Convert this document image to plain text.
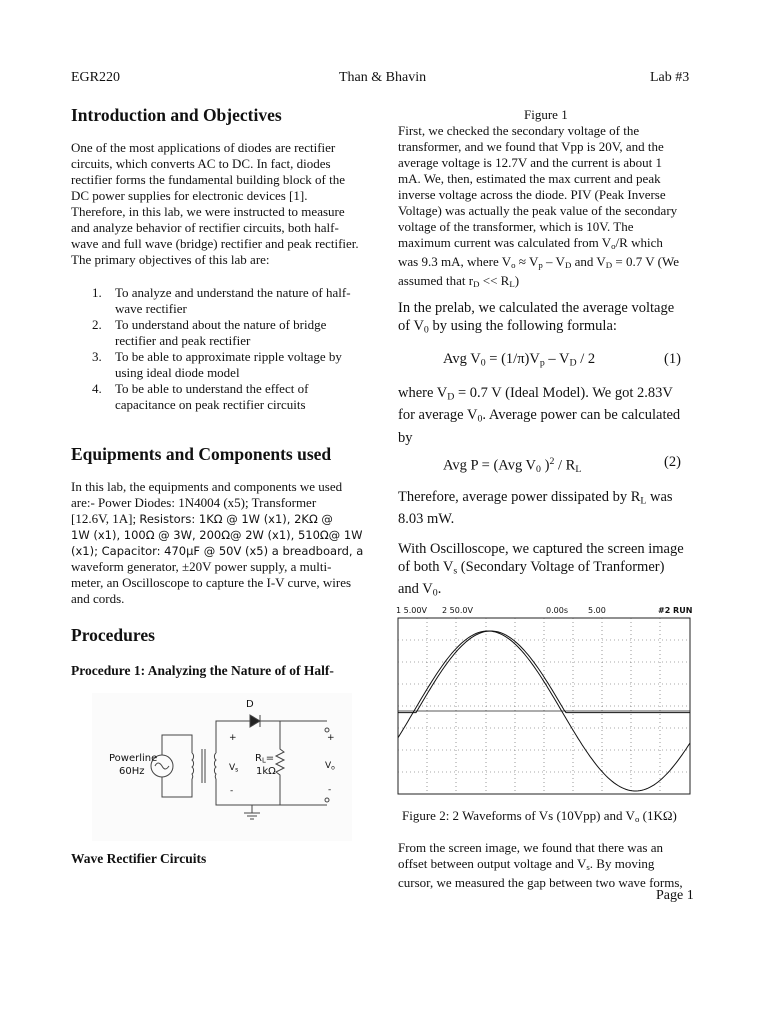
EGR220	Than & Bhavin	Lab #3
Introduction and Objectives
One of the most applications of diodes are rectifier
circuits, which converts AC to DC. In fact, diodes
rectifier forms the fundamental building block of the
DC power supplies for electronic devices [1].
Therefore, in this lab, we were instructed to measure
and analyze behavior of rectifier circuits, both half-
wave and full wave (bridge) rectifier and peak rectifier.
The primary objectives of this lab are:
1. To analyze and understand the nature of half-
wave rectifier
2. To understand about the nature of bridge
rectifier and peak rectifier
3. To be able to approximate ripple voltage by
using ideal diode model
4. To be able to understand the effect of
capacitance on peak rectifier circuits
Equipments and Components used
In this lab, the equipments and components we used
are:- Power Diodes: 1N4004 (x5); Transformer
[12.6V, 1A]; Resistors: 1KΩ @ 1W (x1), 2KΩ @
1W (x1), 100Ω @ 3W, 200Ω@ 2W (x1), 510Ω@ 1W
(x1); Capacitor: 470μF @ 50V (x5) a breadboard, a
waveform generator, ±20V power supply, a multi-
meter, an Oscilloscope to capture the I-V curve, wires
and cords.
Procedures
Procedure 1: Analyzing the Nature of of Half-
D
Powerline
60Hz
+
-
$V_s$
$R_L=$
1kΩ
+
-
$V_o$
Wave Rectifier Circuits
Figure 1
First, we checked the secondary voltage of the
transformer, and we found that Vpp is 20V, and the
average voltage is 12.7V and the current is about 1
mA. We, then, estimated the max current and peak
inverse voltage across the diode. PIV (Peak Inverse
Voltage) was actually the peak value of the secondary
voltage of the transformer, which is 10V. The
maximum current was calculated from $V_o/R$ which
was 9.3 mA, where $V_o \approx V_p - V_D$ and $V_D = 0.7$ V (We
assumed that $r_D << R_L$)
In the prelab, we calculated the average voltage
of $V_0$ by using the following formula:
Avg $V_0 = (1/\pi)V_p - V_D / 2$	(1)
where $V_D = 0.7$ V (Ideal Model). We got 2.83V
for average $V_0$. Average power can be calculated
by
Avg P = (Avg $V_0$ )$^2 / R_L$	(2)
Therefore, average power dissipated by $R_L$ was
8.03 mW.
With Oscilloscope, we captured the screen image
of both $V_s$ (Secondary Voltage of Tranformer)
and $V_0$.
1 5.00V 2 50.0V	0.00s	5.00	#2 RUN
Figure 2: 2 Waveforms of Vs (10Vpp) and $V_o$ (1KΩ)
From the screen image, we found that there was an
offset between output voltage and $V_s$. By moving
cursor, we measured the gap between two wave forms,
Page 1
